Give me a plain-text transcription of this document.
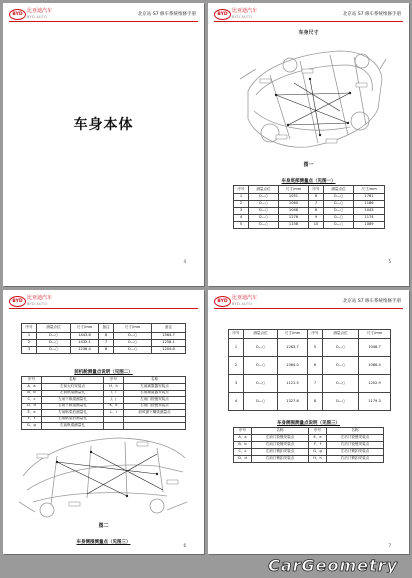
BYD
比亚迪汽车
BYD AUTO	北京站 S7 修车系统维修手册
车身本体
4
BYD
比亚迪汽车
BYD AUTO	北京站 S7 修车系统维修手册
车身尺寸
图一
车身底部测量点（见图一）
序号	测量点位	尺寸/mm	序号	测量点位	尺寸/mm
1	O—○	1051	6	O—○	1761
2	O—○	1060	7	O—○	1186
3	O—○	1048	8	O—○	1043
4	O—○	1276	9	O—○	1174
5	O—○	1158	10	O—○	1089
5
BYD
比亚迪汽车
BYD AUTO
序号	测量点位	尺寸/mm	备注	尺寸/mm	备注
1	O—○	1443.6	6	O—○	1564.7
2	O—○	1432.1	7	O—○	1258.1
3	O—○	1238.4	8	O—○	1204.8
前机舱测量点说明（见图二）
序号	名称	序号	名称
A、a	左前大灯安装点	H、h	左前减震器安装点
B、b	左前纵梁测量孔	I、i	右前减震器安装点
C、c	左前下纵梁测量孔	J、j	左前门铰链安装点
D、d	右前下纵梁测量孔	K、k	右前门铰链安装点
E、e	左前纵梁后测量孔	L、l	前风窗下横梁测量点
F、f	右前纵梁后测量孔		
G、g	右前纵梁测量孔		
图二
车身侧围测量点（见图三）
6
BYD
比亚迪汽车
BYD AUTO	北京站 S7 修车系统维修手册
序号	测量点位	尺寸/mm	序号	测量点位	尺寸/mm
1	O—○	1263.7	5	O—○	1048.7
2	O—○	1364.0	6	O—○	1086.4
3	O—○	1121.5	7	O—○	1202.9
4	O—○	1327.6	8	O—○	1179.3
车身侧围测量点说明（见图三）
序号	名称	序号	名称
A、a	左前门铰链安装点	E、e	左后门铰链安装点
B、b	右前门铰链安装点	F、f	右后门铰链安装点
C、c	左前门锁扣安装点	G、g	左后门锁扣安装点
D、d	右前门锁扣安装点	H、h	右后门锁扣安装点
7
CarGeometry
